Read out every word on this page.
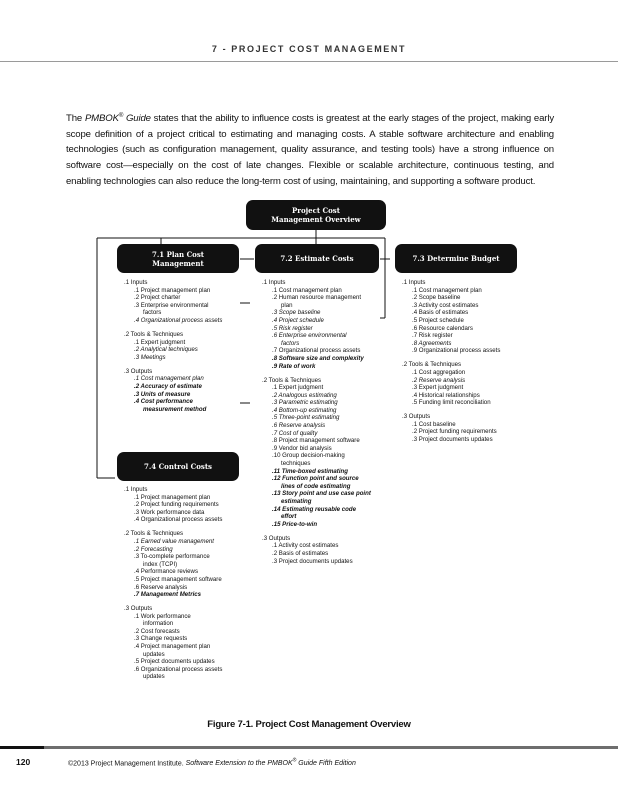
7 - PROJECT COST MANAGEMENT
The PMBOK® Guide states that the ability to influence costs is greatest at the early stages of the project, making early scope definition of a project critical to estimating and managing costs. A stable software architecture and enabling technologies (such as configuration management, quality assurance, and testing tools) have a strong influence on software cost—especially on the cost of late changes. Flexible or scalable architecture, continuous testing, and enabling technologies can also reduce the long-term cost of using, maintaining, and supporting a software product.
Project Cost
Management Overview
7.1 Plan Cost
Management	7.2 Estimate Costs	7.3 Determine Budget
7.4 Control Costs
.1 Inputs
.1 Project management plan
.2 Project charter
.3 Enterprise environmental
factors
.4 Organizational process assets
.2 Tools & Techniques
.1 Expert judgment
.2 Analytical techniques
.3 Meetings
.3 Outputs
.1 Cost management plan
.2 Accuracy of estimate
.3 Units of measure
.4 Cost performance
measurement method
.1 Inputs
.1 Cost management plan
.2 Human resource management
plan
.3 Scope baseline
.4 Project schedule
.5 Risk register
.6 Enterprise environmental
factors
.7 Organizational process assets
.8 Software size and complexity
.9 Rate of work
.2 Tools & Techniques
.1 Expert judgment
.2 Analogous estimating
.3 Parametric estimating
.4 Bottom-up estimating
.5 Three-point estimating
.6 Reserve analysis
.7 Cost of quality
.8 Project management software
.9 Vendor bid analysis
.10 Group decision-making
techniques
.11 Time-boxed estimating
.12 Function point and source
lines of code estimating
.13 Story point and use case point
estimating
.14 Estimating reusable code
effort
.15 Price-to-win
.3 Outputs
.1 Activity cost estimates
.2 Basis of estimates
.3 Project documents updates
.1 Inputs
.1 Cost management plan
.2 Scope baseline
.3 Activity cost estimates
.4 Basis of estimates
.5 Project schedule
.6 Resource calendars
.7 Risk register
.8 Agreements
.9 Organizational process assets
.2 Tools & Techniques
.1 Cost aggregation
.2 Reserve analysis
.3 Expert judgment
.4 Historical relationships
.5 Funding limit reconciliation
.3 Outputs
.1 Cost baseline
.2 Project funding requirements
.3 Project documents updates
.1 Inputs
.1 Project management plan
.2 Project funding requirements
.3 Work performance data
.4 Organizational process assets
.2 Tools & Techniques
.1 Earned value management
.2 Forecasting
.3 To-complete performance
index (TCPI)
.4 Performance reviews
.5 Project management software
.6 Reserve analysis
.7 Management Metrics
.3 Outputs
.1 Work performance
information
.2 Cost forecasts
.3 Change requests
.4 Project management plan
updates
.5 Project documents updates
.6 Organizational process assets
updates
Figure 7-1. Project Cost Management Overview
120	©2013 Project Management Institute. Software Extension to the PMBOK® Guide Fifth Edition
